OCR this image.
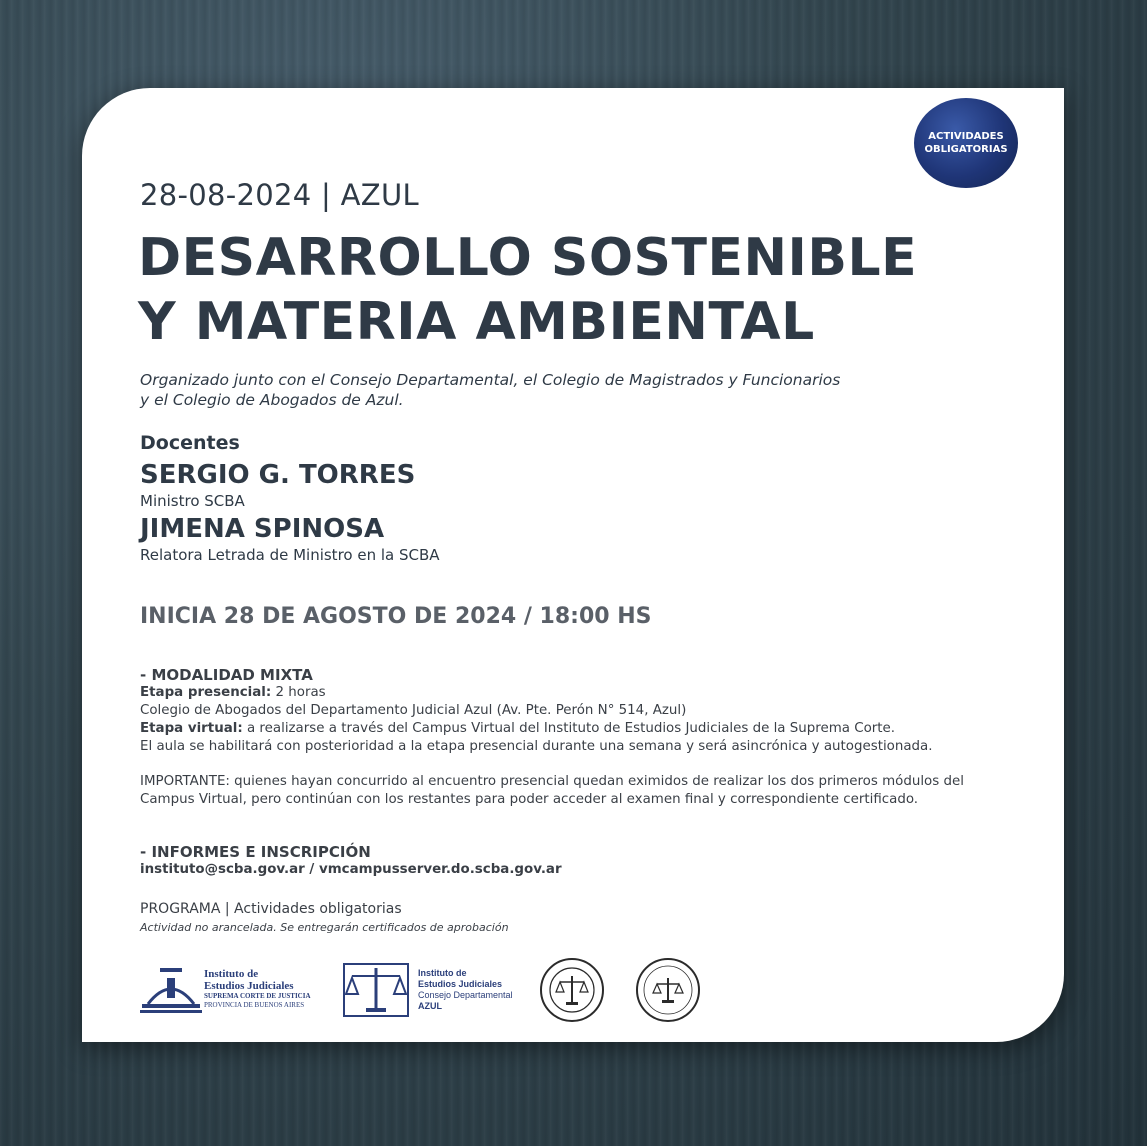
ACTIVIDADES
OBLIGATORIAS
28-08-2024 | AZUL
DESARROLLO SOSTENIBLE
Y MATERIA AMBIENTAL
Organizado junto con el Consejo Departamental, el Colegio de Magistrados y Funcionarios
y el Colegio de Abogados de Azul.
Docentes
SERGIO G. TORRES
Ministro SCBA
JIMENA SPINOSA
Relatora Letrada de Ministro en la SCBA
INICIA 28 DE AGOSTO DE 2024 / 18:00 HS
- MODALIDAD MIXTA
Etapa presencial: 2 horas
Colegio de Abogados del Departamento Judicial Azul (Av. Pte. Perón N° 514, Azul)
Etapa virtual: a realizarse a través del Campus Virtual del Instituto de Estudios Judiciales de la Suprema Corte.
El aula se habilitará con posterioridad a la etapa presencial durante una semana y será asincrónica y autogestionada.
IMPORTANTE: quienes hayan concurrido al encuentro presencial quedan eximidos de realizar los dos primeros módulos del Campus Virtual, pero continúan con los restantes para poder acceder al examen final y correspondiente certificado.
- INFORMES E INSCRIPCIÓN
instituto@scba.gov.ar / vmcampusserver.do.scba.gov.ar
PROGRAMA | Actividades obligatorias
Actividad no arancelada. Se entregarán certificados de aprobación
Instituto de
Estudios Judiciales
SUPREMA CORTE DE JUSTICIA
PROVINCIA DE BUENOS AIRES
Instituto de
Estudios Judiciales
Consejo Departamental
AZUL
